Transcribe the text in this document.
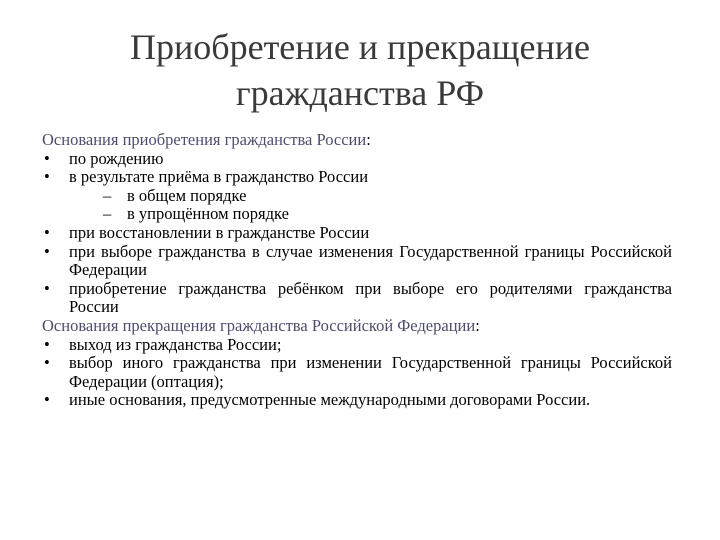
Приобретение и прекращение
гражданства РФ

Основания приобретения гражданства России:

• по рождению
• в результате приёма в гражданство России
– в общем порядке
– в упрощённом порядке
• при восстановлении в гражданстве России
• при выборе гражданства в случае изменения Государственной границы Российской Федерации
• приобретение гражданства ребёнком при выборе его родителями гражданства России

Основания прекращения гражданства Российской Федерации:

• выход из гражданства России;
• выбор иного гражданства при изменении Государственной границы Российской Федерации (оптация);
• иные основания, предусмотренные международными договорами России.
